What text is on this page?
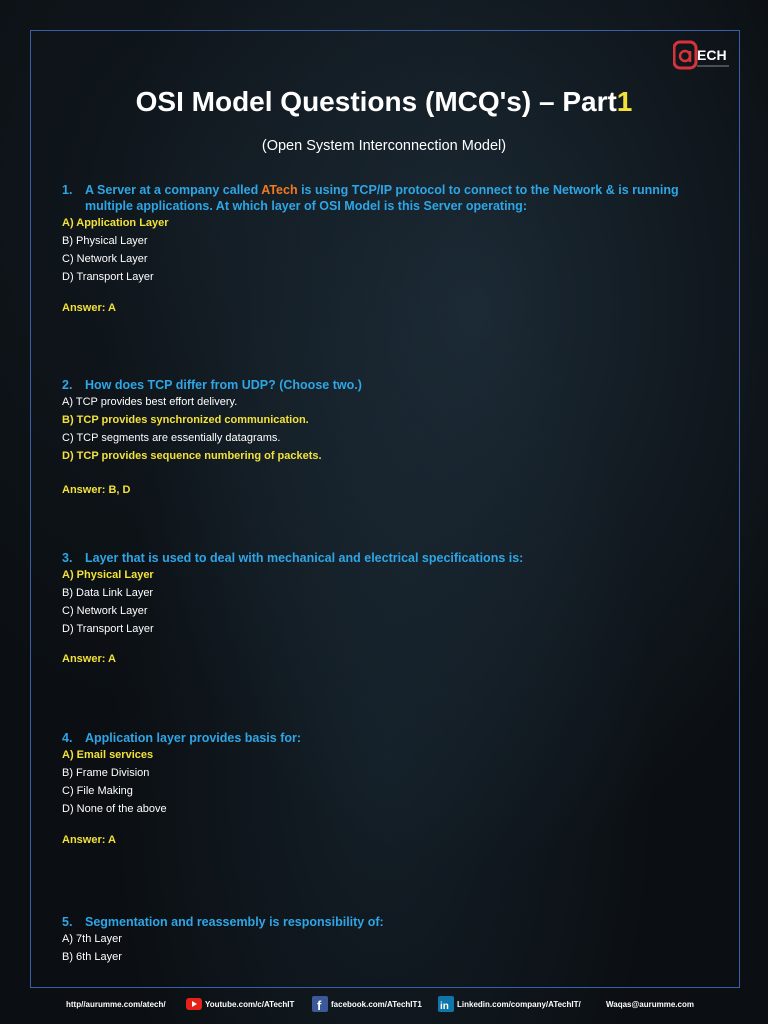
ECH
OSI Model Questions (MCQ's) – Part1
(Open System Interconnection Model)
1. A Server at a company called ATech is using TCP/IP protocol to connect to the Network & is running multiple applications. At which layer of OSI Model is this Server operating:
A) Application Layer
B) Physical Layer
C) Network Layer
D) Transport Layer
Answer: A
2. How does TCP differ from UDP? (Choose two.)
A) TCP provides best effort delivery.
B) TCP provides synchronized communication.
C) TCP segments are essentially datagrams.
D) TCP provides sequence numbering of packets.
Answer: B, D
3. Layer that is used to deal with mechanical and electrical specifications is:
A) Physical Layer
B) Data Link Layer
C) Network Layer
D) Transport Layer
Answer: A
4. Application layer provides basis for:
A) Email services
B) Frame Division
C) File Making
D) None of the above
Answer: A
5. Segmentation and reassembly is responsibility of:
A) 7th Layer
B) 6th Layer
http//aurumme.com/atech/	Youtube.com/c/ATechIT f facebook.com/ATechIT1 in Linkedin.com/company/ATechIT/	Waqas@aurumme.com
